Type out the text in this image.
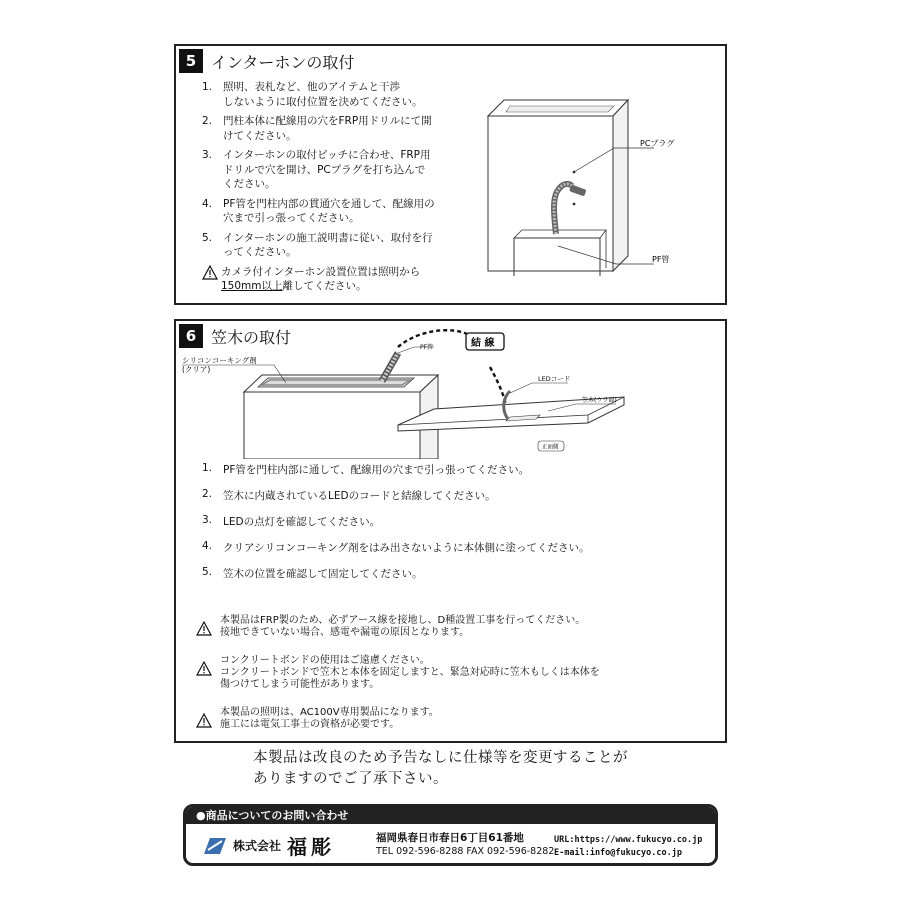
5 インターホンの取付
1.	照明、表札など、他のアイテムと干渉
しないように取付位置を決めてください。
2.	門柱本体に配線用の穴をFRP用ドリルにて開
けてください。
3.	インターホンの取付ピッチに合わせ、FRP用
ドリルで穴を開け、PCプラグを打ち込んで
ください。
4.	PF管を門柱内部の貫通穴を通して、配線用の
穴まで引っ張ってください。
5.	インターホンの施工説明書に従い、取付を行
ってください。
カメラ付インターホン設置位置は照明から
150mm以上離してください。
PCプラグ
PF管
6 笠木の取付
シリコンコーキング剤
(クリア)
PF管	結 線
LEDコード
笠木(ウラ面)
正面側
1.	PF管を門柱内部に通して、配線用の穴まで引っ張ってください。
2.	笠木に内蔵されているLEDのコードと結線してください。
3.	LEDの点灯を確認してください。
4.	クリアシリコンコーキング剤をはみ出さないように本体側に塗ってください。
5.	笠木の位置を確認して固定してください。
本製品はFRP製のため、必ずアース線を接地し、D種設置工事を行ってください。
接地できていない場合、感電や漏電の原因となります。
コンクリートボンドの使用はご遠慮ください。
コンクリートボンドで笠木と本体を固定しますと、緊急対応時に笠木もしくは本体を
傷つけてしまう可能性があります。
本製品の照明は、AC100V専用製品になります。
施工には電気工事士の資格が必要です。
本製品は改良のため予告なしに仕様等を変更することが
ありますのでご了承下さい。
●商品についてのお問い合わせ
株式会社 福彫	福岡県春日市春日6丁目61番地
TEL 092-596-8288 FAX 092-596-8282
URL:https://www.fukucyo.co.jp
E-mail:info@fukucyo.co.jp
